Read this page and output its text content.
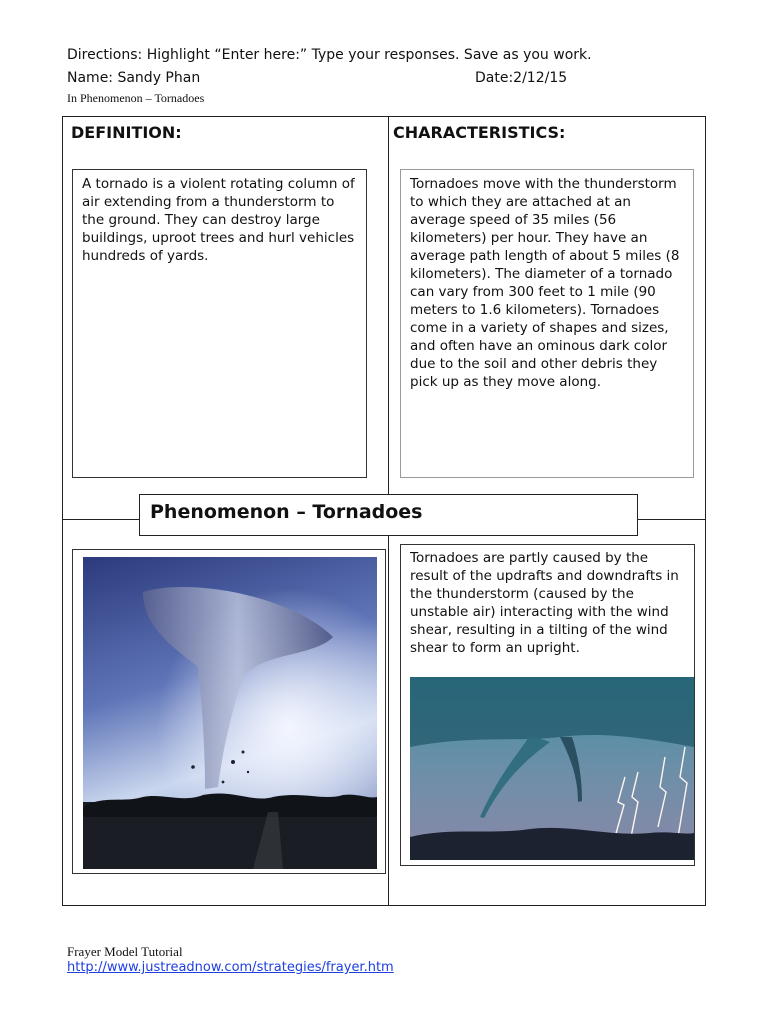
Directions: Highlight “Enter here:” Type your responses. Save as you work.
Name: Sandy Phan	Date:2/12/15
In Phenomenon – Tornadoes
DEFINITION:
A tornado is a violent rotating column of air extending from a thunderstorm to the ground. They can destroy large buildings, uproot trees and hurl vehicles hundreds of yards.
CHARACTERISTICS:
Tornadoes move with the thunderstorm to which they are attached at an average speed of 35 miles (56 kilometers) per hour. They have an average path length of about 5 miles (8 kilometers). The diameter of a tornado can vary from 300 feet to 1 mile (90 meters to 1.6 kilometers). Tornadoes come in a variety of shapes and sizes, and often have an ominous dark color due to the soil and other debris they pick up as they move along.
Phenomenon – Tornadoes
Tornadoes are partly caused by the result of the updrafts and downdrafts in the thunderstorm (caused by the unstable air) interacting with the wind shear, resulting in a tilting of the wind shear to form an upright.
Frayer Model Tutorial
http://www.justreadnow.com/strategies/frayer.htm
